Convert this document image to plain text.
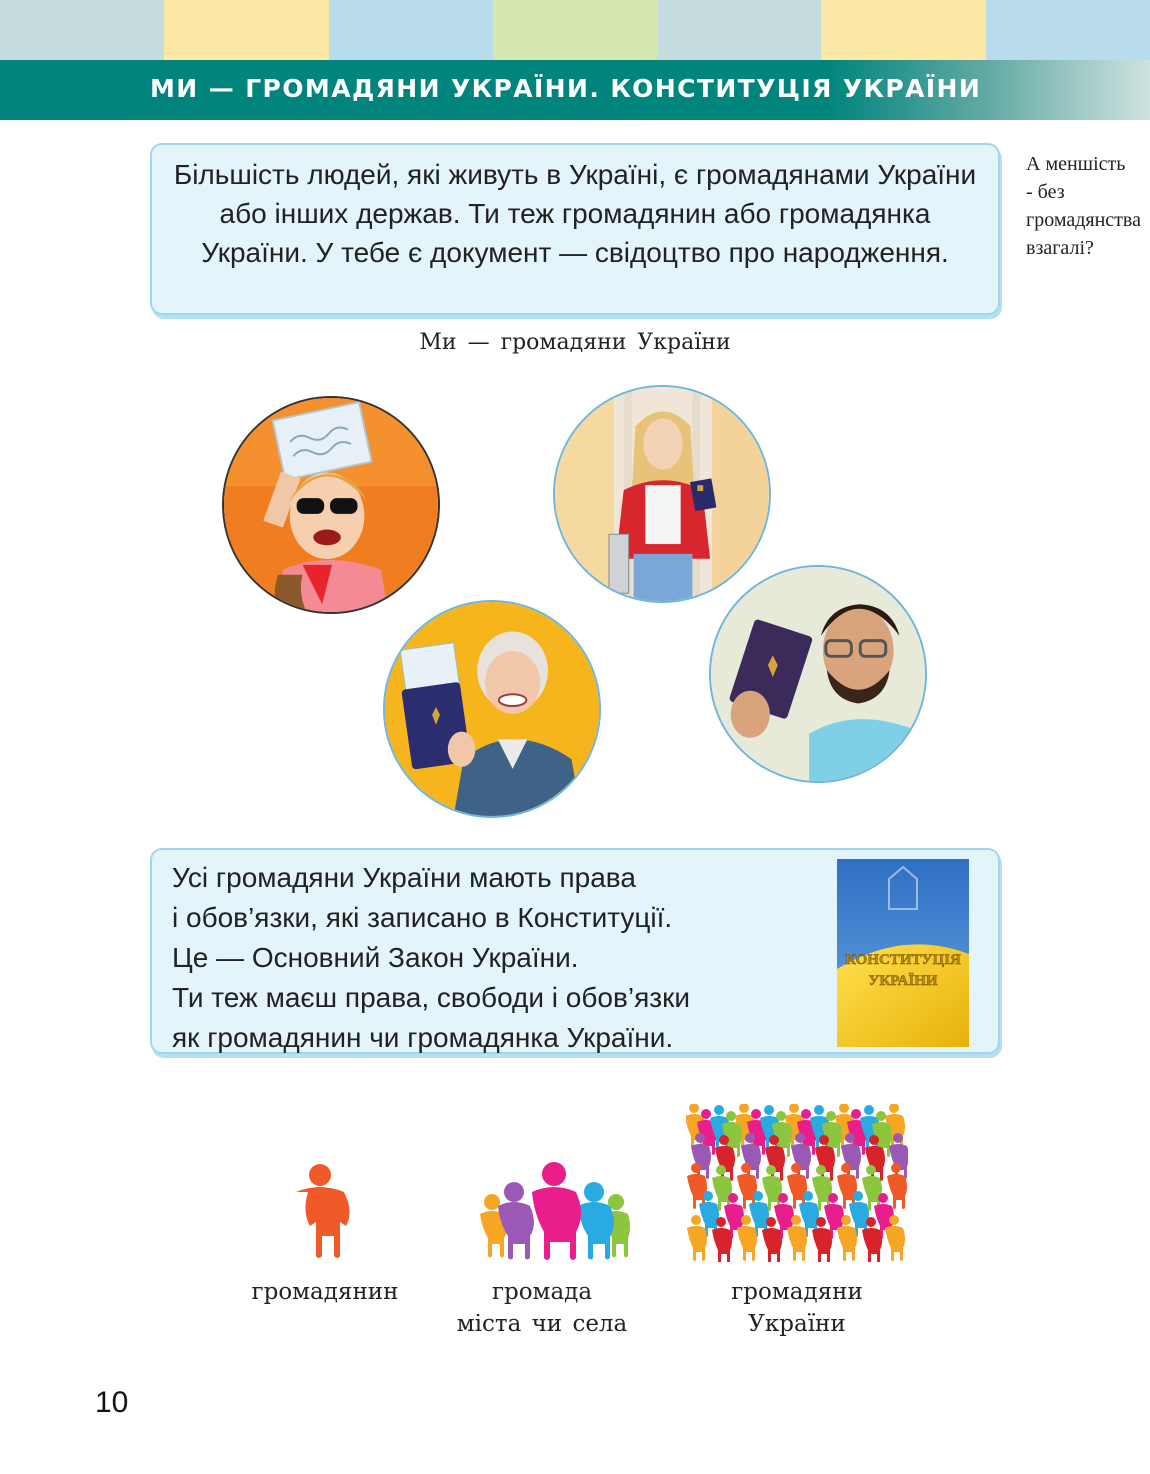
МИ — ГРОМАДЯНИ УКРАЇНИ. КОНСТИТУЦІЯ УКРАЇНИ

Більшість людей, які живуть в Україні, є громадянами України або інших держав. Ти теж громадянин або громадянка України. У тебе є документ — свідоцтво про народження.

А меншість
- без
громадянства
взагалі?

Ми — громадяни України

Усі громадяни України мають права
і обов’язки, які записано в Конституції.
Це — Основний Закон України.
Ти теж маєш права, свободи і обов’язки
як громадянин чи громадянка України.
КОНСТИТУЦІЯ
УКРАЇНИ
громадянин	громада
міста чи села
громадяни
України

10
